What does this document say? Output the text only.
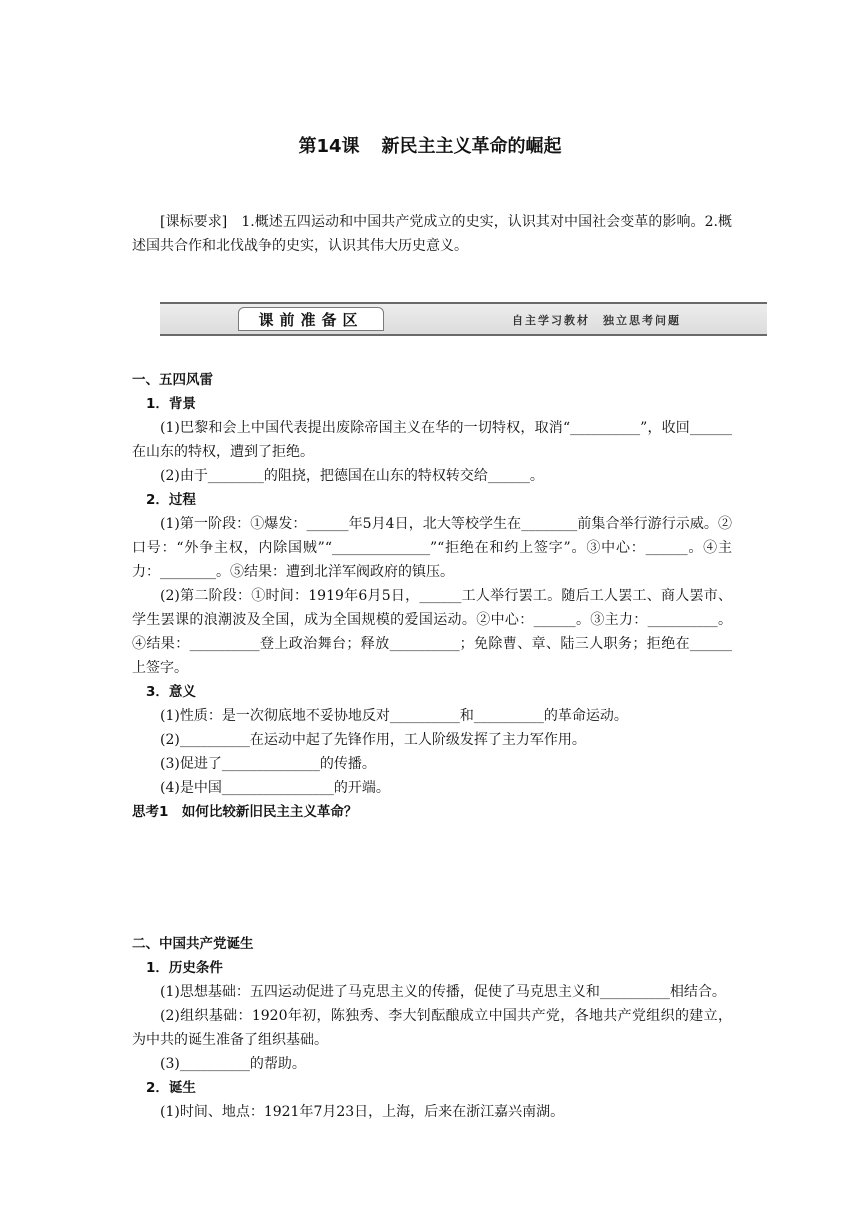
第14课 新民主主义革命的崛起
[课标要求]　1.概述五四运动和中国共产党成立的史实，认识其对中国社会变革的影响。2.概述国共合作和北伐战争的史实，认识其伟大历史意义。
课前准备区	自主学习教材　独立思考问题

一、五四风雷

1．背景

(1)巴黎和会上中国代表提出废除帝国主义在华的一切特权，取消“__________”，收回______在山东的特权，遭到了拒绝。

(2)由于________的阻挠，把德国在山东的特权转交给______。

2．过程

(1)第一阶段：①爆发：______年5月4日，北大等校学生在________前集合举行游行示威。②口号：“外争主权，内除国贼”“______________”“拒绝在和约上签字”。③中心：______。④主力：________。⑤结果：遭到北洋军阀政府的镇压。

(2)第二阶段：①时间：1919年6月5日，______工人举行罢工。随后工人罢工、商人罢市、学生罢课的浪潮波及全国，成为全国规模的爱国运动。②中心：______。③主力：__________。④结果：__________登上政治舞台；释放__________；免除曹、章、陆三人职务；拒绝在______上签字。

3．意义

(1)性质：是一次彻底地不妥协地反对__________和__________的革命运动。

(2)__________在运动中起了先锋作用，工人阶级发挥了主力军作用。

(3)促进了______________的传播。

(4)是中国________________的开端。

思考1　如何比较新旧民主主义革命？

二、中国共产党诞生

1．历史条件

(1)思想基础：五四运动促进了马克思主义的传播，促使了马克思主义和__________相结合。

(2)组织基础：1920年初，陈独秀、李大钊酝酿成立中国共产党，各地共产党组织的建立，为中共的诞生准备了组织基础。

(3)__________的帮助。

2．诞生

(1)时间、地点：1921年7月23日，上海，后来在浙江嘉兴南湖。
